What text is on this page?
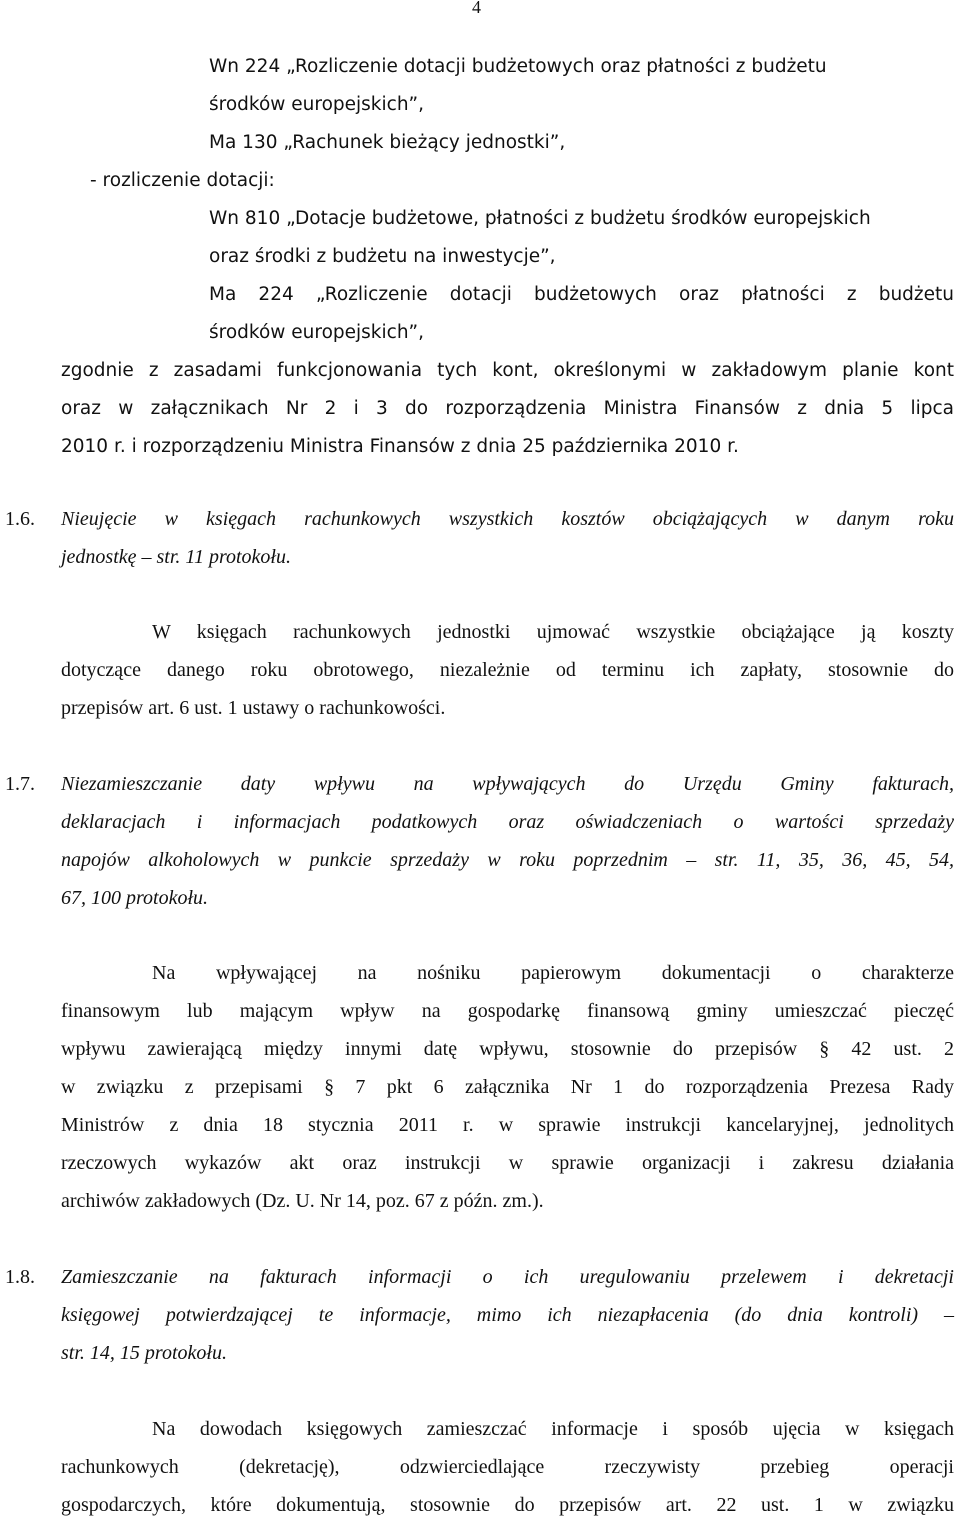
4
Wn 224 „Rozliczenie dotacji budżetowych oraz płatności z budżetu
środków europejskich”,
Ma 130 „Rachunek bieżący jednostki”,
- rozliczenie dotacji:
Wn 810 „Dotacje budżetowe, płatności z budżetu środków europejskich
oraz środki z budżetu na inwestycje”,
Ma 224 „Rozliczenie dotacji budżetowych oraz płatności z budżetu
środków europejskich”,
zgodnie z zasadami funkcjonowania tych kont, określonymi w zakładowym planie kont
oraz w załącznikach Nr 2 i 3 do rozporządzenia Ministra Finansów z dnia 5 lipca
2010 r. i rozporządzeniu Ministra Finansów z dnia 25 października 2010 r.
1.6. Nieujęcie w księgach rachunkowych wszystkich kosztów obciążających w danym roku
jednostkę – str. 11 protokołu.
W księgach rachunkowych jednostki ujmować wszystkie obciążające ją koszty
dotyczące danego roku obrotowego, niezależnie od terminu ich zapłaty, stosownie do
przepisów art. 6 ust. 1 ustawy o rachunkowości.
1.7. Niezamieszczanie daty wpływu na wpływających do Urzędu Gminy fakturach,
deklaracjach i informacjach podatkowych oraz oświadczeniach o wartości sprzedaży
napojów alkoholowych w punkcie sprzedaży w roku poprzednim – str. 11, 35, 36, 45, 54,
67, 100 protokołu.
Na wpływającej na nośniku papierowym dokumentacji o charakterze
finansowym lub mającym wpływ na gospodarkę finansową gminy umieszczać pieczęć
wpływu zawierającą między innymi datę wpływu, stosownie do przepisów § 42 ust. 2
w związku z przepisami § 7 pkt 6 załącznika Nr 1 do rozporządzenia Prezesa Rady
Ministrów z dnia 18 stycznia 2011 r. w sprawie instrukcji kancelaryjnej, jednolitych
rzeczowych wykazów akt oraz instrukcji w sprawie organizacji i zakresu działania
archiwów zakładowych (Dz. U. Nr 14, poz. 67 z późn. zm.).
1.8. Zamieszczanie na fakturach informacji o ich uregulowaniu przelewem i dekretacji
księgowej potwierdzającej te informacje, mimo ich niezapłacenia (do dnia kontroli) –
str. 14, 15 protokołu.
Na dowodach księgowych zamieszczać informacje i sposób ujęcia w księgach
rachunkowych (dekretację), odzwierciedlające rzeczywisty przebieg operacji
gospodarczych, które dokumentują, stosownie do przepisów art. 22 ust. 1 w związku
